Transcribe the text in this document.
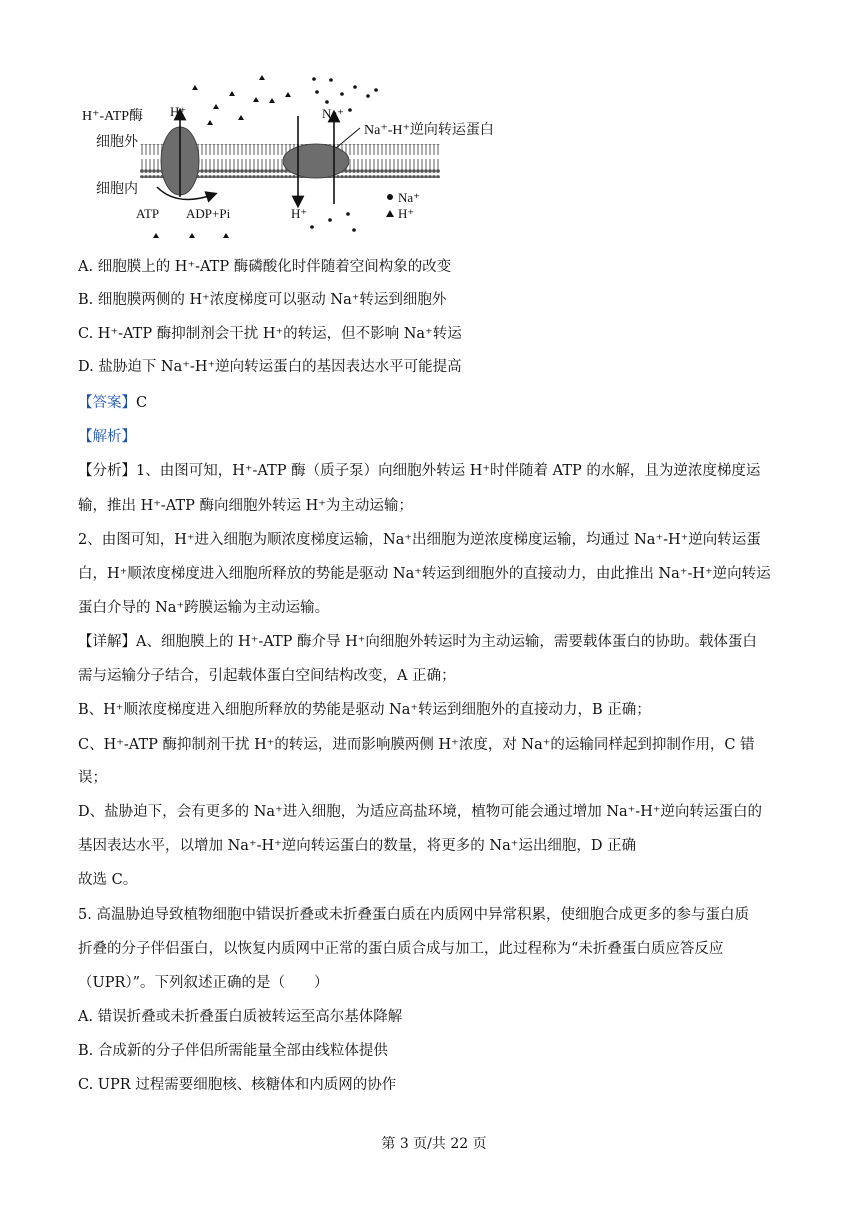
H⁺-ATP酶
细胞外
细胞内
H⁺	Na⁺
Na⁺-H⁺逆向转运蛋白
ATP ADP+Pi	H⁺
Na⁺
H⁺
A. 细胞膜上的 H⁺-ATP 酶磷酸化时伴随着空间构象的改变
B. 细胞膜两侧的 H⁺浓度梯度可以驱动 Na⁺转运到细胞外
C. H⁺-ATP 酶抑制剂会干扰 H⁺的转运，但不影响 Na⁺转运
D. 盐胁迫下 Na⁺-H⁺逆向转运蛋白的基因表达水平可能提高
【答案】C
【解析】
【分析】1、由图可知，H⁺-ATP 酶（质子泵）向细胞外转运 H⁺时伴随着 ATP 的水解，且为逆浓度梯度运
输，推出 H⁺-ATP 酶向细胞外转运 H⁺为主动运输；
2、由图可知，H⁺进入细胞为顺浓度梯度运输，Na⁺出细胞为逆浓度梯度运输，均通过 Na⁺-H⁺逆向转运蛋
白，H⁺顺浓度梯度进入细胞所释放的势能是驱动 Na⁺转运到细胞外的直接动力，由此推出 Na⁺-H⁺逆向转运
蛋白介导的 Na⁺跨膜运输为主动运输。
【详解】A、细胞膜上的 H⁺-ATP 酶介导 H⁺向细胞外转运时为主动运输，需要载体蛋白的协助。载体蛋白
需与运输分子结合，引起载体蛋白空间结构改变，A 正确；
B、H⁺顺浓度梯度进入细胞所释放的势能是驱动 Na⁺转运到细胞外的直接动力，B 正确；
C、H⁺-ATP 酶抑制剂干扰 H⁺的转运，进而影响膜两侧 H⁺浓度，对 Na⁺的运输同样起到抑制作用，C 错
误；
D、盐胁迫下，会有更多的 Na⁺进入细胞，为适应高盐环境，植物可能会通过增加 Na⁺-H⁺逆向转运蛋白的
基因表达水平，以增加 Na⁺-H⁺逆向转运蛋白的数量，将更多的 Na⁺运出细胞，D 正确
故选 C。
5. 高温胁迫导致植物细胞中错误折叠或未折叠蛋白质在内质网中异常积累，使细胞合成更多的参与蛋白质
折叠的分子伴侣蛋白，以恢复内质网中正常的蛋白质合成与加工，此过程称为“未折叠蛋白质应答反应
（UPR）”。下列叙述正确的是（　　）
A. 错误折叠或未折叠蛋白质被转运至高尔基体降解
B. 合成新的分子伴侣所需能量全部由线粒体提供
C. UPR 过程需要细胞核、核糖体和内质网的协作
第 3 页/共 22 页
